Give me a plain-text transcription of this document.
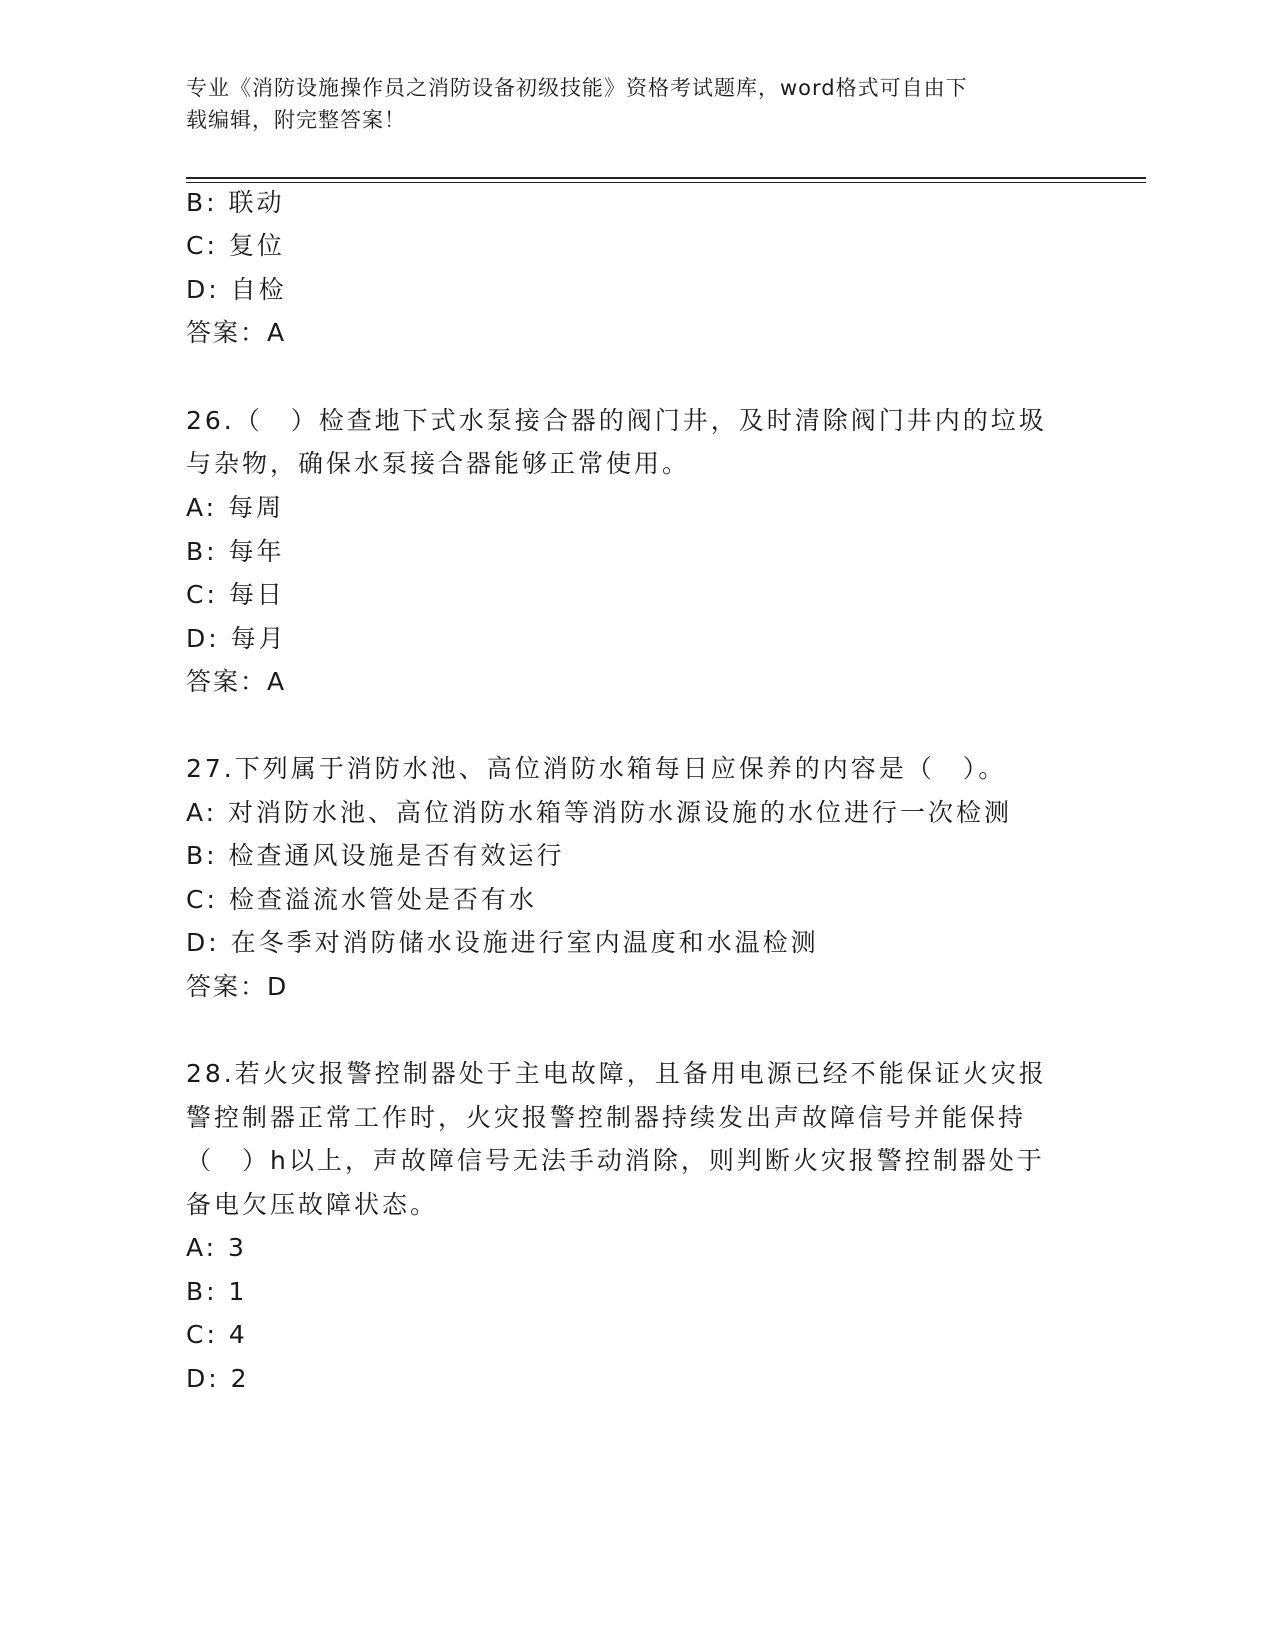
专业《消防设施操作员之消防设备初级技能》资格考试题库，word格式可自由下
载编辑，附完整答案！
B: 联动
C: 复位
D: 自检
答案：A
26.（　）检查地下式水泵接合器的阀门井，及时清除阀门井内的垃圾
与杂物，确保水泵接合器能够正常使用。
A: 每周
B: 每年
C: 每日
D: 每月
答案：A
27.下列属于消防水池、高位消防水箱每日应保养的内容是（　）。
A: 对消防水池、高位消防水箱等消防水源设施的水位进行一次检测
B: 检查通风设施是否有效运行
C: 检查溢流水管处是否有水
D: 在冬季对消防储水设施进行室内温度和水温检测
答案：D
28.若火灾报警控制器处于主电故障，且备用电源已经不能保证火灾报
警控制器正常工作时，火灾报警控制器持续发出声故障信号并能保持
（　）h以上，声故障信号无法手动消除，则判断火灾报警控制器处于
备电欠压故障状态。
A: 3
B: 1
C: 4
D: 2
